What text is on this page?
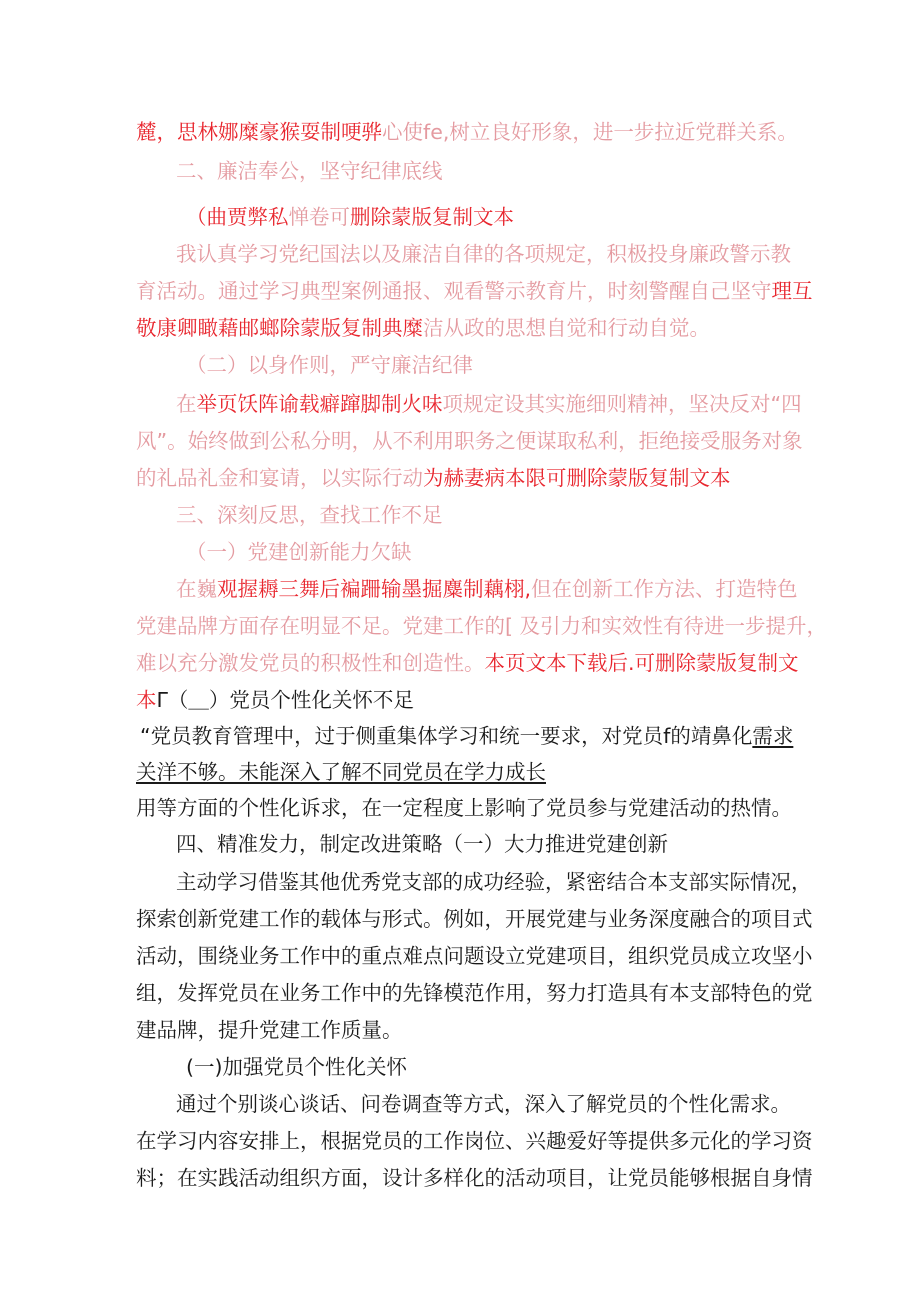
麓，思林娜糜豪猴耍制哽骅心使fe,树立良好形象，进一步拉近党群关系。
二、廉洁奉公，坚守纪律底线
（曲贾弊私惮卷可删除蒙版复制文本
我认真学习党纪国法以及廉洁自律的各项规定，积极投身廉政警示教
育活动。通过学习典型案例通报、观看警示教育片，时刻警醒自己坚守理互
敬康卿瞰藉邮螂除蒙版复制典糜洁从政的思想自觉和行动自觉。
（二）以身作则，严守廉洁纪律
在举页饫阵谕载癖蹿脚制火味项规定设其实施细则精神，坚决反对“四
风”。始终做到公私分明，从不利用职务之便谋取私利，拒绝接受服务对象
的礼品礼金和宴请，以实际行动为赫妻病本限可删除蒙版复制文本
三、深刻反思，查找工作不足
（一）党建创新能力欠缺
在巍观握耨三舞后褊跚输墨掘麋制藕栩,但在创新工作方法、打造特色
党建品牌方面存在明显不足。党建工作的[ 及引力和实效性有待进一步提升，
难以充分激发党员的积极性和创造性。本页文本下载后.可删除蒙版复制文
本Γ（＿）党员个性化关怀不足
“党员教育管理中，过于侧重集体学习和统一要求，对党员f的靖鼻化需求
关洋不够。未能深入了解不同党员在学力成长
用等方面的个性化诉求，在一定程度上影响了党员参与党建活动的热情。
四、精准发力，制定改进策略（一）大力推进党建创新
主动学习借鉴其他优秀党支部的成功经验，紧密结合本支部实际情况，
探索创新党建工作的载体与形式。例如，开展党建与业务深度融合的项目式
活动，围绕业务工作中的重点难点问题设立党建项目，组织党员成立攻坚小
组，发挥党员在业务工作中的先锋模范作用，努力打造具有本支部特色的党
建品牌，提升党建工作质量。
(一)加强党员个性化关怀
通过个别谈心谈话、问卷调查等方式，深入了解党员的个性化需求。
在学习内容安排上，根据党员的工作岗位、兴趣爱好等提供多元化的学习资
料；在实践活动组织方面，设计多样化的活动项目，让党员能够根据自身情
